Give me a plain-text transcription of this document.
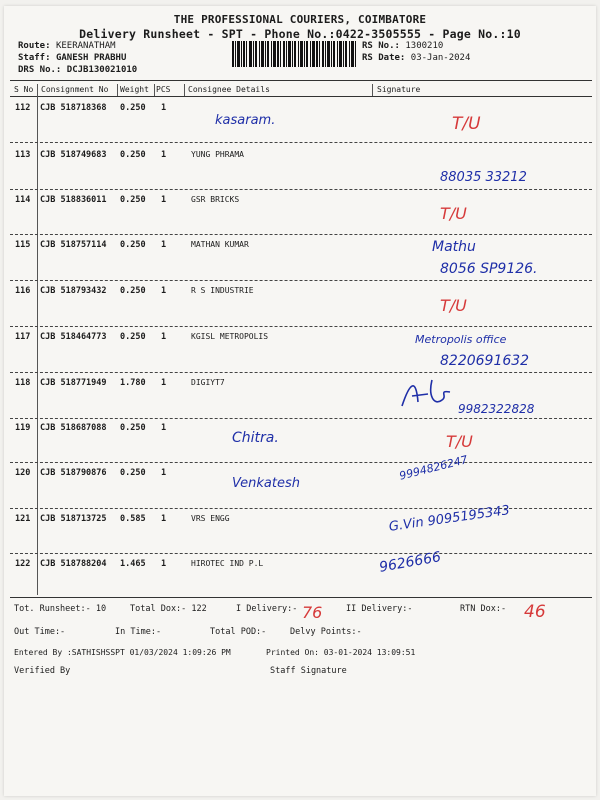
THE PROFESSIONAL COURIERS, COIMBATORE
Delivery Runsheet - SPT - Phone No.:0422-3505555 - Page No.:10
Route: KEERANATHAM
Staff: GANESH PRABHU
DRS No.: DCJB130021010
RS No.: 1300210
RS Date: 03-Jan-2024
S No Consignment No Weight PCS Consignee Details	Signature
112 CJB 518718368 0.250 1
kasaram.	T/U
113 CJB 518749683 0.250 1	YUNG PHRAMA
88035 33212
114 CJB 518836011 0.250 1	GSR BRICKS
T/U
115 CJB 518757114 0.250 1	MATHAN KUMAR	Mathu
8056 SP9126.
116 CJB 518793432 0.250 1	R S INDUSTRIE
T/U
117 CJB 518464773 0.250 1	KGISL METROPOLIS	Metropolis office
8220691632
118 CJB 518771949 1.780 1	DIGIYT7
9982322828
119 CJB 518687088 0.250 1
Chitra.	T/U
120 CJB 518790876 0.250 1
Venkatesh
9994826247
121 CJB 518713725 0.585 1	VRS ENGG	G.Vin 9095195343
122 CJB 518788204 1.465 1	HIROTEC IND P.L	9626666
Tot. Runsheet:- 10	Total Dox:- 122	I Delivery:- 76	II Delivery:-	RTN Dox:- 46
Out Time:-	In Time:-	Total POD:-	Delvy Points:-
Entered By :SATHISHSSPT 01/03/2024 1:09:26 PM	Printed On: 03-01-2024 13:09:51
Verified By	Staff Signature
